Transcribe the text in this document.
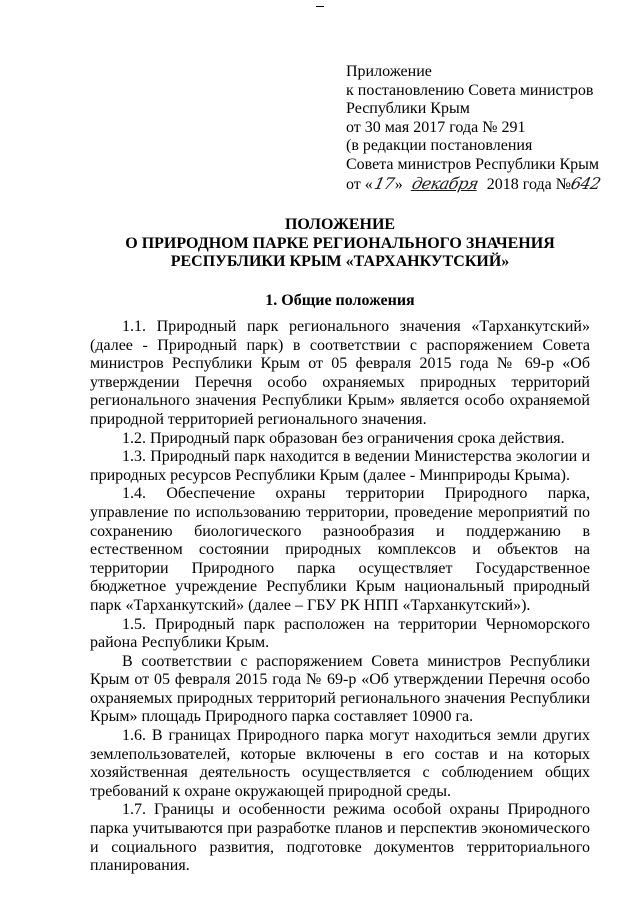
Приложение
к постановлению Совета министров
Республики Крым
от 30 мая 2017 года № 291
(в редакции постановления
Совета министров Республики Крым
от «17» декабря 2018 года №642
ПОЛОЖЕНИЕ
О ПРИРОДНОМ ПАРКЕ РЕГИОНАЛЬНОГО ЗНАЧЕНИЯ
РЕСПУБЛИКИ КРЫМ «ТАРХАНКУТСКИЙ»
1. Общие положения

1.1. Природный парк регионального значения «Тарханкутский» (далее - Природный парк) в соответствии с распоряжением Совета министров Республики Крым от 05 февраля 2015 года № 69-р «Об утверждении Перечня особо охраняемых природных территорий регионального значения Республики Крым» является особо охраняемой природной территорией регионального значения.

1.2. Природный парк образован без ограничения срока действия.

1.3. Природный парк находится в ведении Министерства экологии и природных ресурсов Республики Крым (далее - Минприроды Крыма).

1.4. Обеспечение охраны территории Природного парка, управление по использованию территории, проведение мероприятий по сохранению биологического разнообразия и поддержанию в естественном состоянии природных комплексов и объектов на территории Природного парка осуществляет Государственное бюджетное учреждение Республики Крым национальный природный парк «Тарханкутский» (далее – ГБУ РК НПП «Тарханкутский»).

1.5. Природный парк расположен на территории Черноморского района Республики Крым.

В соответствии с распоряжением Совета министров Республики Крым от 05 февраля 2015 года № 69-р «Об утверждении Перечня особо охраняемых природных территорий регионального значения Республики Крым» площадь Природного парка составляет 10900 га.

1.6. В границах Природного парка могут находиться земли других землепользователей, которые включены в его состав и на которых хозяйственная деятельность осуществляется с соблюдением общих требований к охране окружающей природной среды.

1.7. Границы и особенности режима особой охраны Природного парка учитываются при разработке планов и перспектив экономического и социального развития, подготовке документов территориального планирования.
